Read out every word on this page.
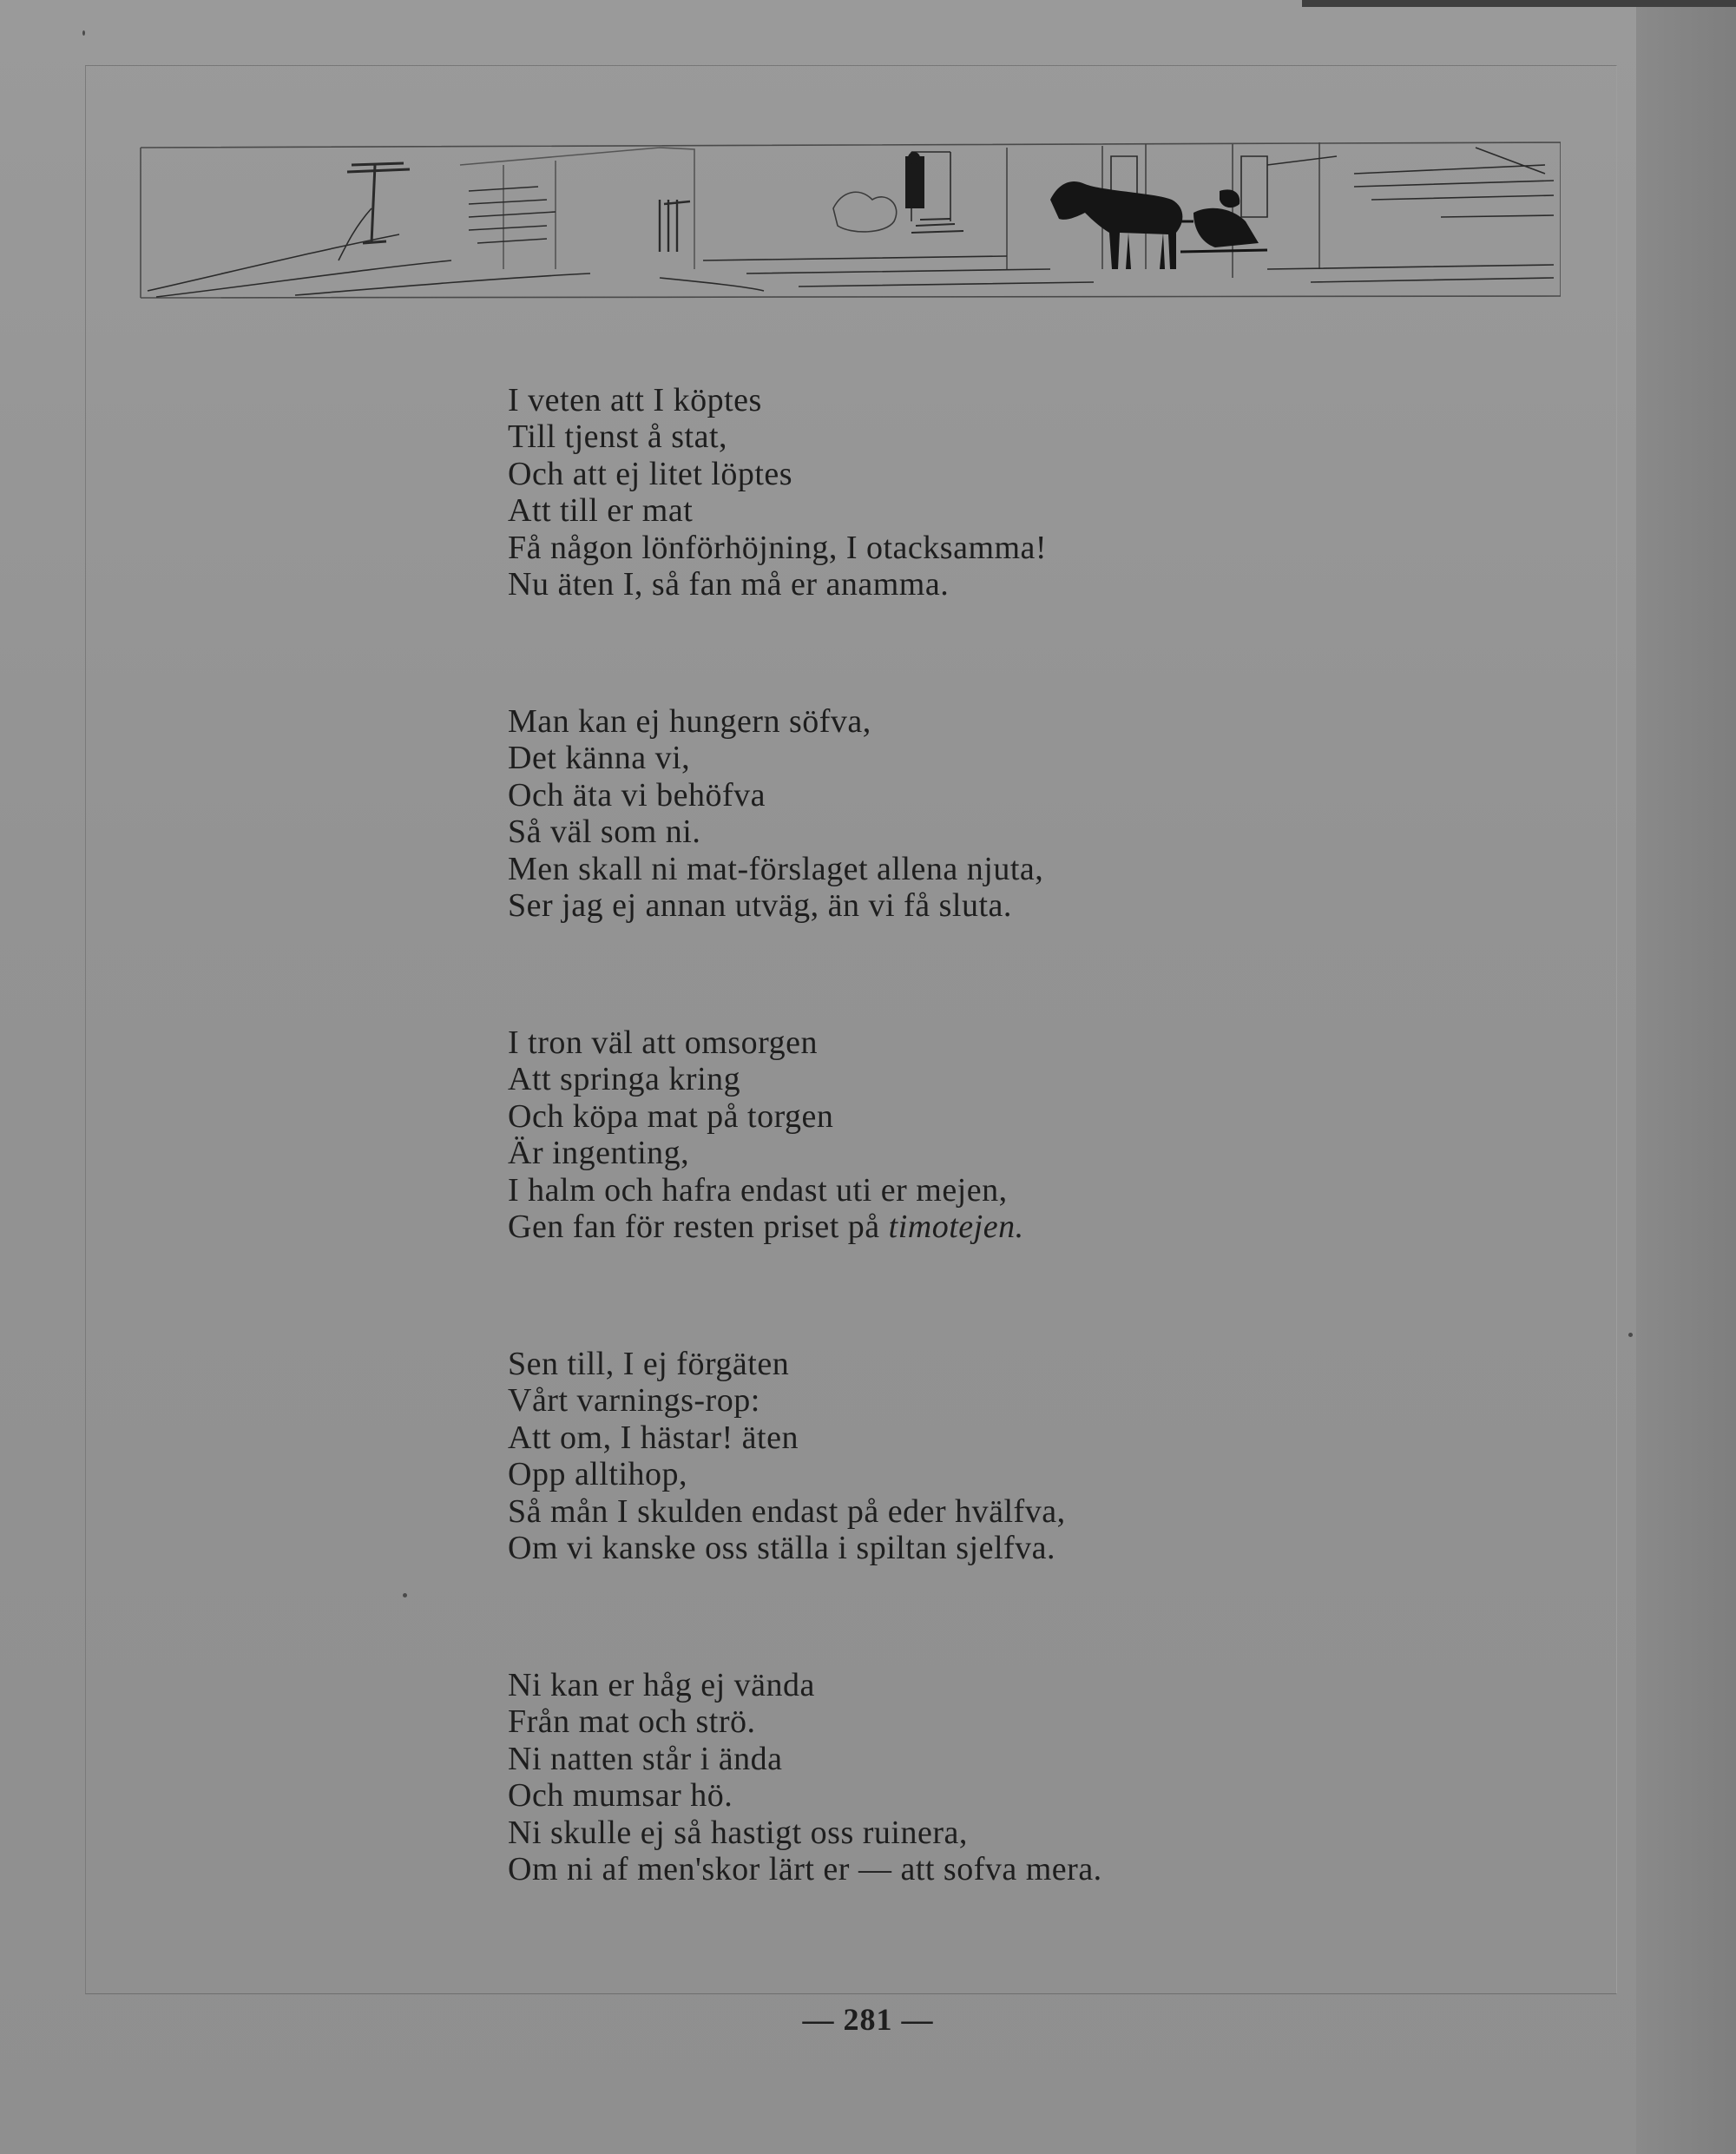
I veten att I köptes
Till tjenst å stat,
Och att ej litet löptes
Att till er mat
Få någon lönförhöjning, I otacksamma!
Nu äten I, så fan må er anamma.
Man kan ej hungern söfva,
Det känna vi,
Och äta vi behöfva
Så väl som ni.
Men skall ni mat-förslaget allena njuta,
Ser jag ej annan utväg, än vi få sluta.
I tron väl att omsorgen
Att springa kring
Och köpa mat på torgen
Är ingenting,
I halm och hafra endast uti er mejen,
Gen fan för resten priset på timotejen.
Sen till, I ej förgäten
Vårt varnings-rop:
Att om, I hästar! äten
Opp alltihop,
Så mån I skulden endast på eder hvälfva,
Om vi kanske oss ställa i spiltan sjelfva.
Ni kan er håg ej vända
Från mat och strö.
Ni natten står i ända
Och mumsar hö.
Ni skulle ej så hastigt oss ruinera,
Om ni af men'skor lärt er — att sofva mera.
— 281 —
